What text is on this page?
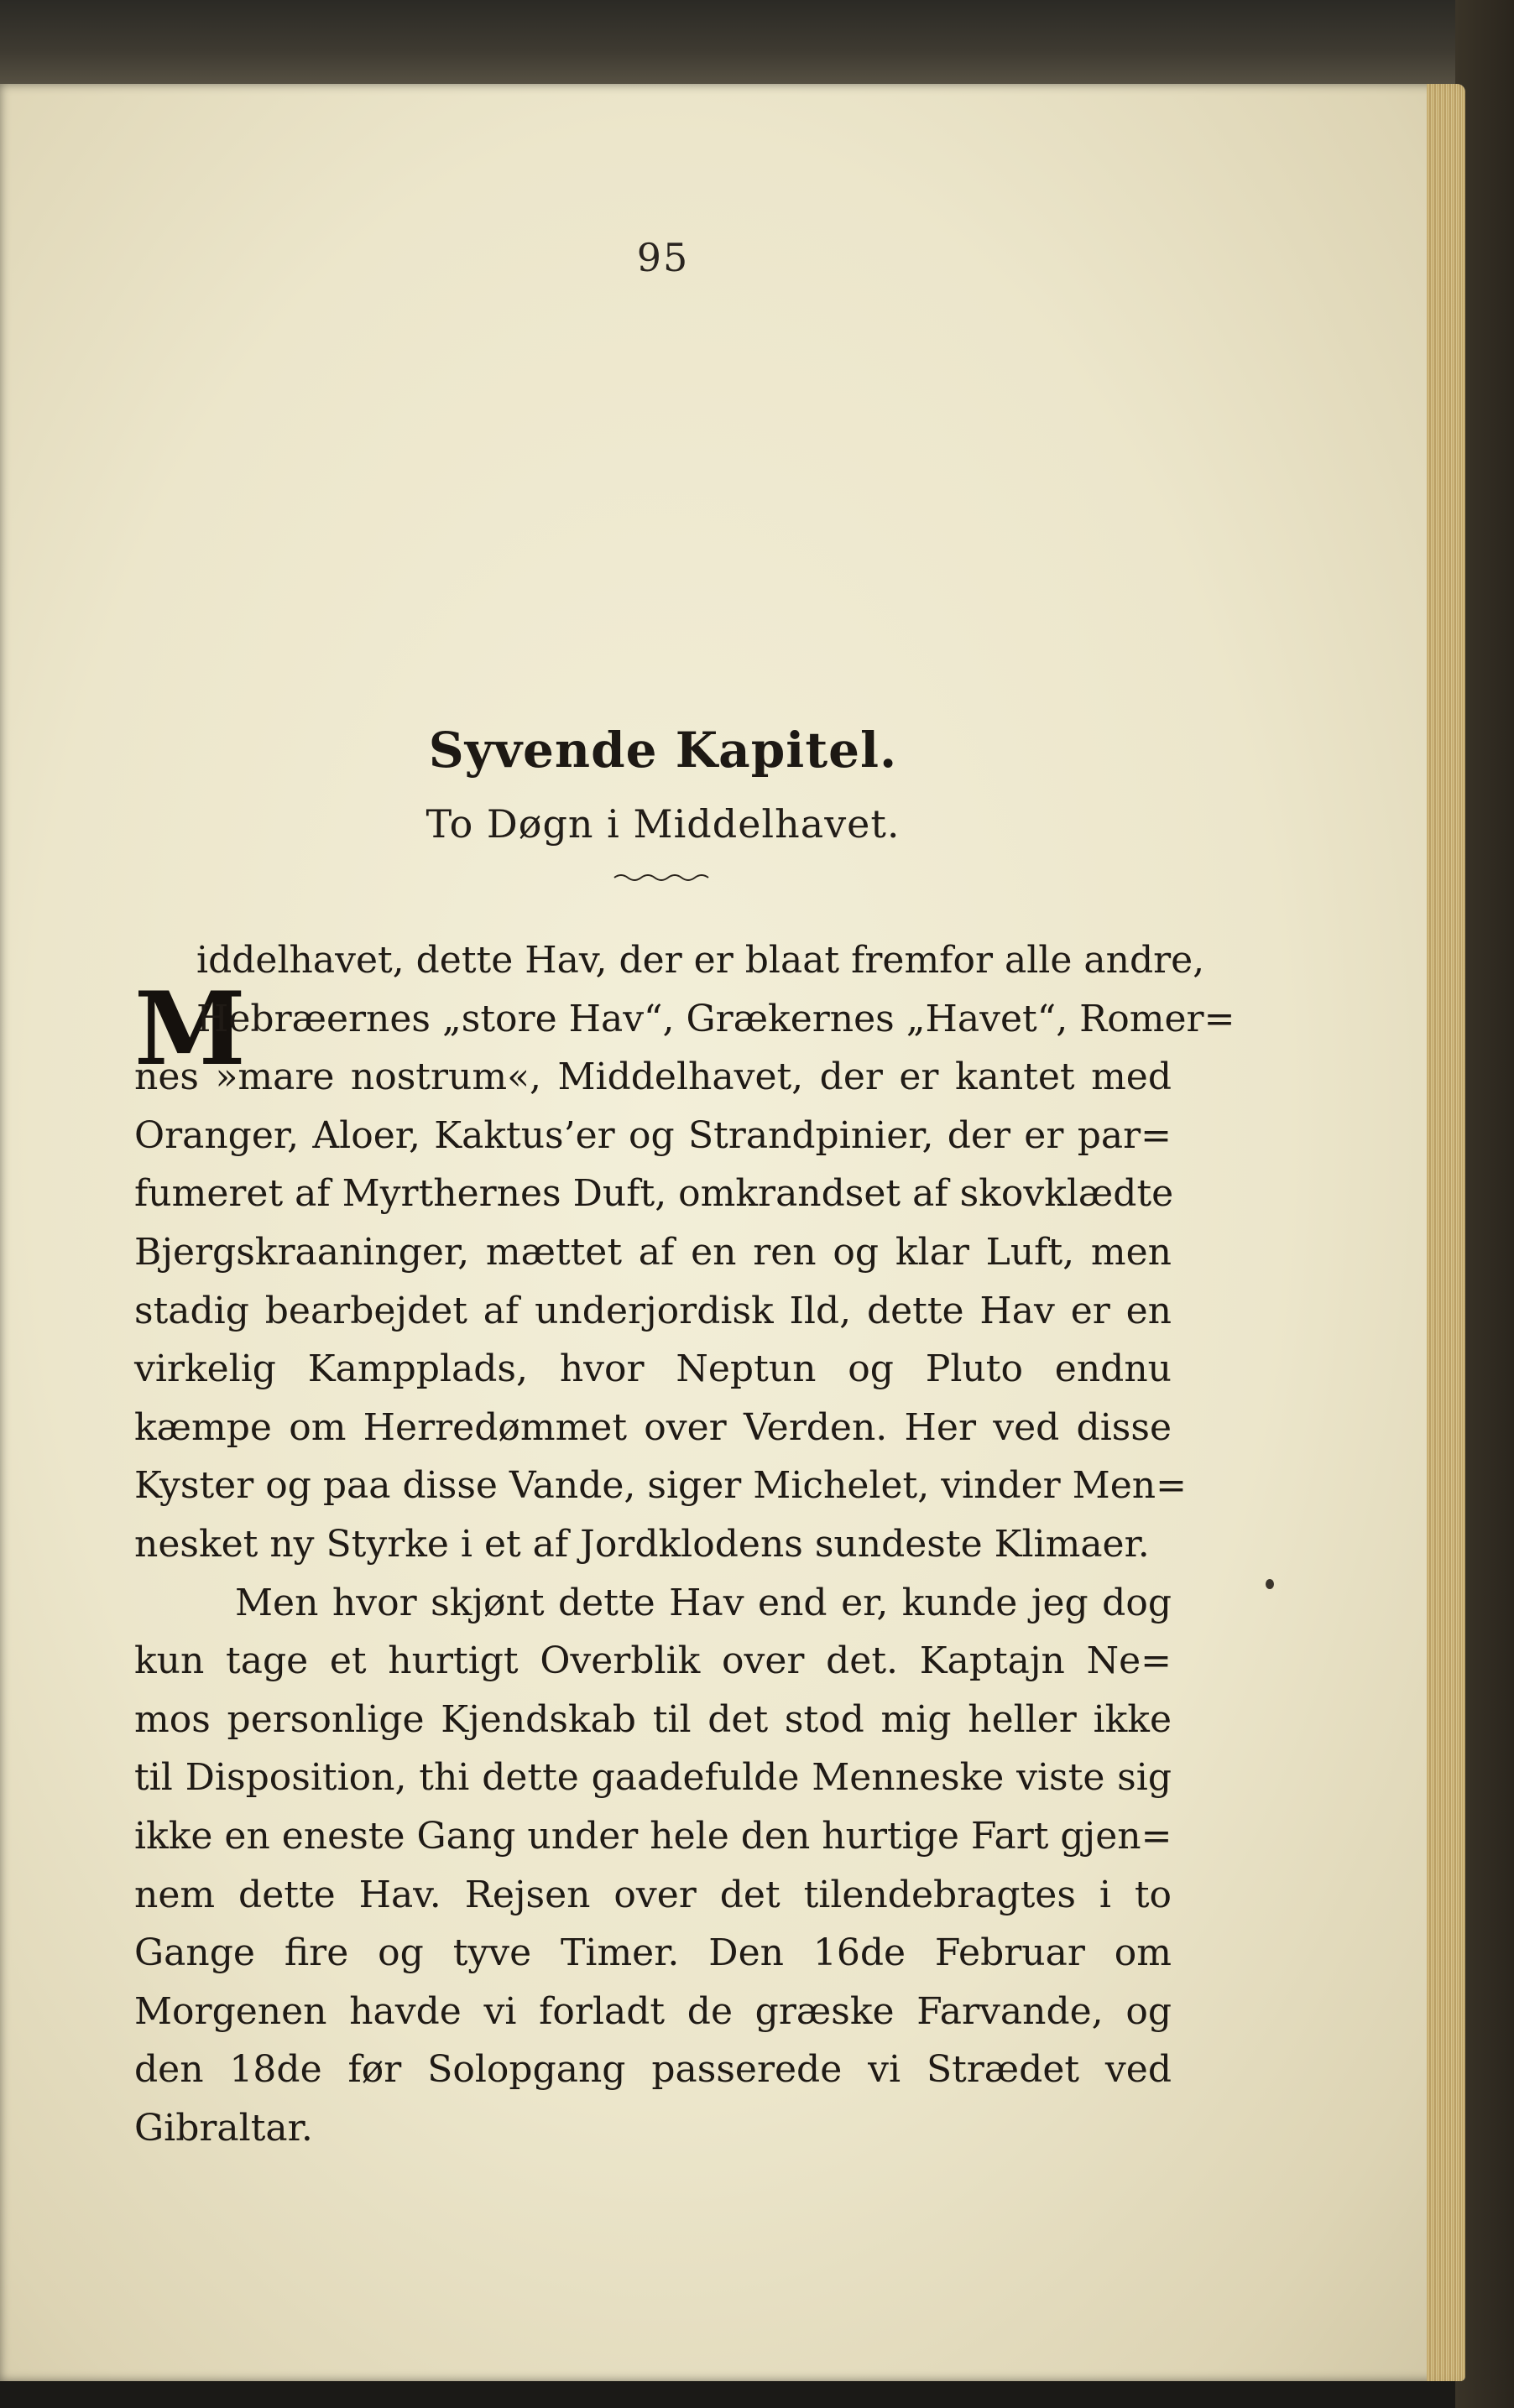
95
Syvende Kapitel.
To Døgn i Middelhavet.
M
iddelhavet, dette Hav, der er blaat fremfor alle andre,
Hebræernes „store Hav“, Grækernes „Havet“, Romer=
nes »mare nostrum«, Middelhavet, der er kantet med
Oranger, Aloer, Kaktus’er og Strandpinier, der er par=
fumeret af Myrthernes Duft, omkrandset af skovklædte
Bjergskraaninger, mættet af en ren og klar Luft, men
stadig bearbejdet af underjordisk Ild, dette Hav er en
virkelig Kampplads, hvor Neptun og Pluto endnu
kæmpe om Herredømmet over Verden. Her ved disse
Kyster og paa disse Vande, siger Michelet, vinder Men=
nesket ny Styrke i et af Jordklodens sundeste Klimaer.
Men hvor skjønt dette Hav end er, kunde jeg dog
kun tage et hurtigt Overblik over det. Kaptajn Ne=
mos personlige Kjendskab til det stod mig heller ikke
til Disposition, thi dette gaadefulde Menneske viste sig
ikke en eneste Gang under hele den hurtige Fart gjen=
nem dette Hav. Rejsen over det tilendebragtes i to
Gange fire og tyve Timer. Den 16de Februar om
Morgenen havde vi forladt de græske Farvande, og
den 18de før Solopgang passerede vi Strædet ved
Gibraltar.
